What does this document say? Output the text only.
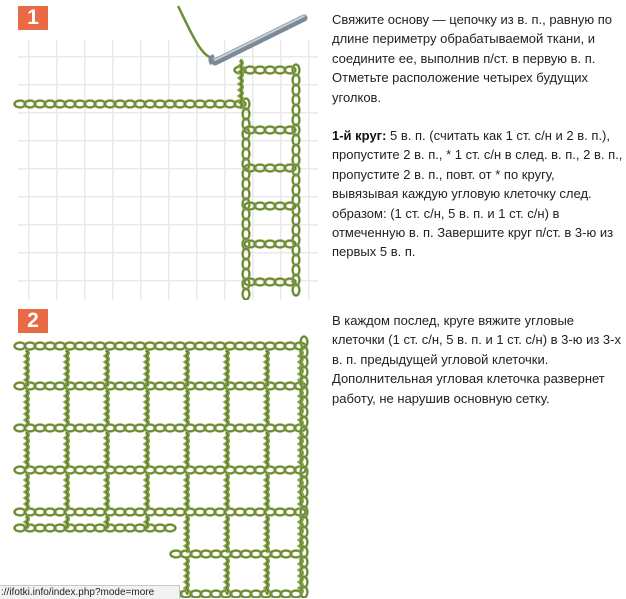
1
2

Свяжите основу — цепочку из в. п., равную по длине периметру обрабатываемой ткани, и соедините ее, выполнив п/ст. в первую в. п. Отметьте расположение четырех будущих уголков.

1-й круг: 5 в. п. (считать как 1 ст. с/н и 2 в. п.), пропустите 2 в. п., * 1 ст. с/н в след. в. п., 2 в. п., пропустите 2 в. п., повт. от * по кругу, вывязывая каждую угловую клеточку след. образом: (1 ст. с/н, 5 в. п. и 1 ст. с/н) в отмеченную в. п. Завершите круг п/ст. в 3-ю из первых 5 в. п.

В каждом послед, круге вяжите угловые клеточки (1 ст. с/н, 5 в. п. и 1 ст. с/н) в 3-ю из 3-х в. п. предыдущей угловой клеточки. Дополнительная угловая клеточка развернет работу, не нарушив основную сетку.

://ifotki.info/index.php?mode=more
